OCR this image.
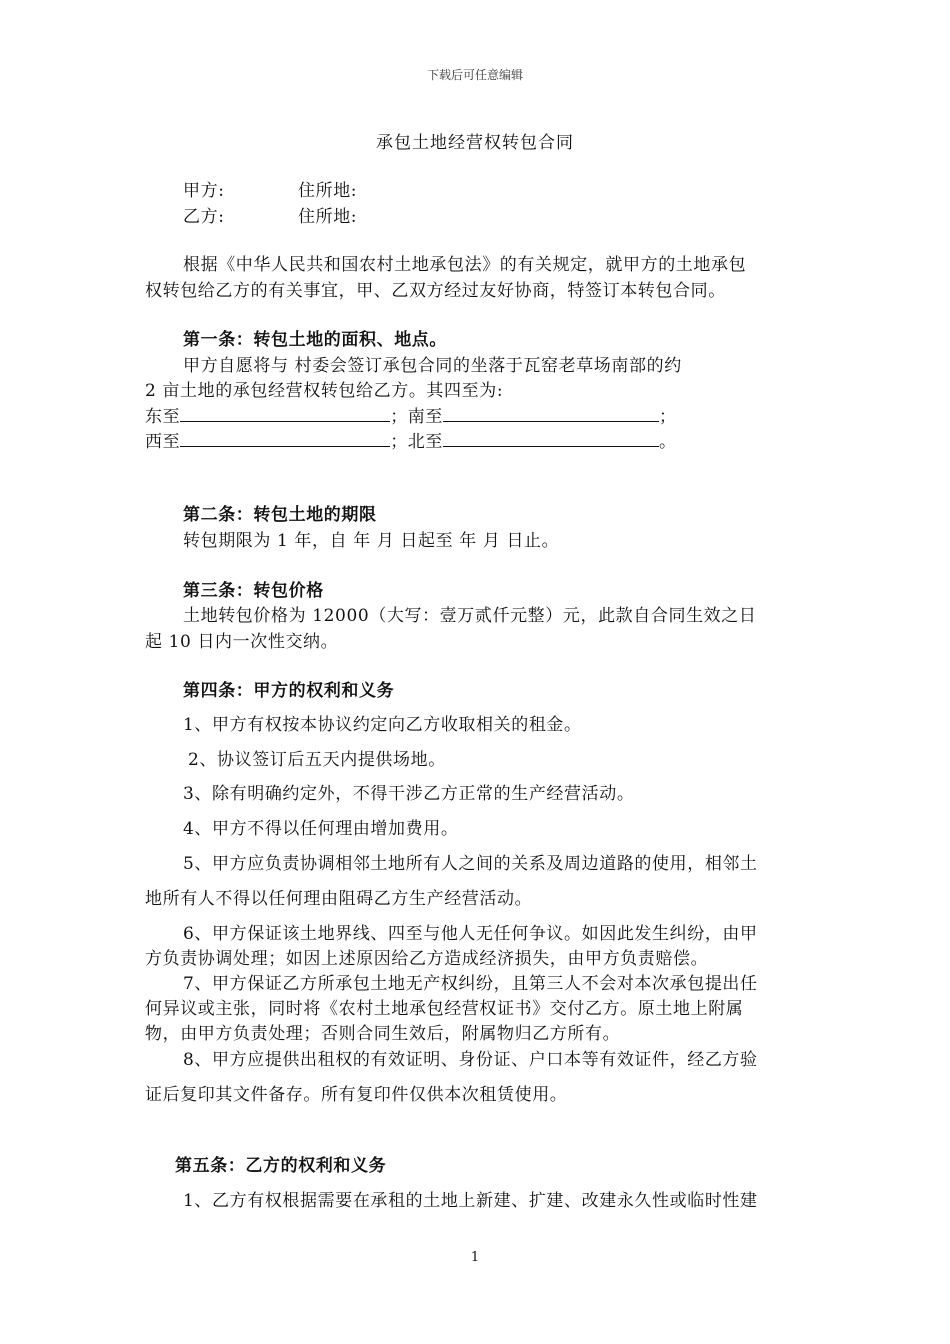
下载后可任意编辑
承包土地经营权转包合同
甲方:	住所地:
乙方:	住所地:
根据《中华人民共和国农村土地承包法》的有关规定，就甲方的土地承包
权转包给乙方的有关事宜，甲、乙双方经过友好协商，特签订本转包合同。
第一条：转包土地的面积、地点。
甲方自愿将与 村委会签订承包合同的坐落于瓦窑老草场南部的约
2 亩土地的承包经营权转包给乙方。其四至为:
东至	；南至	；
西至	；北至	。
第二条：转包土地的期限
转包期限为 1 年，自 年 月 日起至 年 月 日止。
第三条：转包价格
土地转包价格为 12000（大写：壹万贰仟元整）元，此款自合同生效之日
起 10 日内一次性交纳。
第四条：甲方的权利和义务
1、甲方有权按本协议约定向乙方收取相关的租金。
2、协议签订后五天内提供场地。
3、除有明确约定外，不得干涉乙方正常的生产经营活动。
4、甲方不得以任何理由增加费用。
5、甲方应负责协调相邻土地所有人之间的关系及周边道路的使用，相邻土
地所有人不得以任何理由阻碍乙方生产经营活动。
6、甲方保证该土地界线、四至与他人无任何争议。如因此发生纠纷，由甲
方负责协调处理；如因上述原因给乙方造成经济损失，由甲方负责赔偿。
7、甲方保证乙方所承包土地无产权纠纷，且第三人不会对本次承包提出任
何异议或主张，同时将《农村土地承包经营权证书》交付乙方。原土地上附属
物，由甲方负责处理；否则合同生效后，附属物归乙方所有。
8、甲方应提供出租权的有效证明、身份证、户口本等有效证件，经乙方验
证后复印其文件备存。所有复印件仅供本次租赁使用。
第五条：乙方的权利和义务
1、乙方有权根据需要在承租的土地上新建、扩建、改建永久性或临时性建
1
